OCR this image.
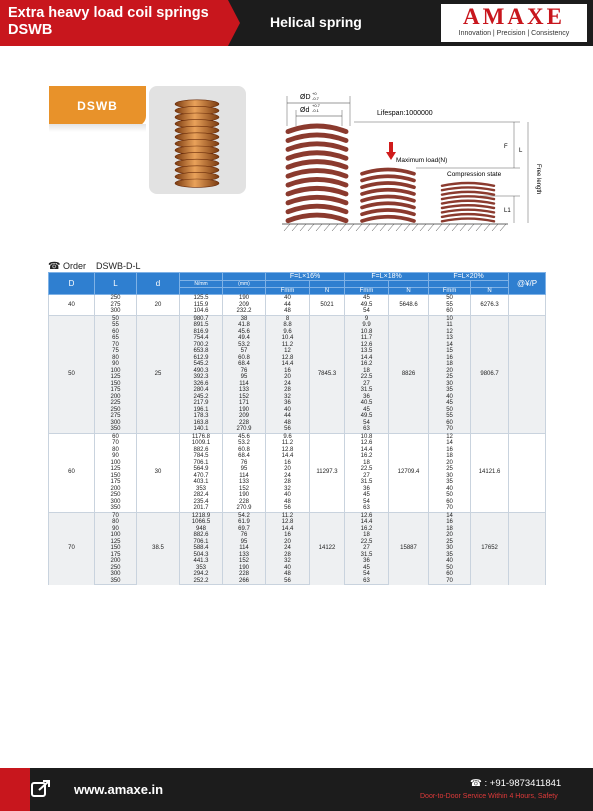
Extra heavy load coil springs
DSWB	Helical spring	AMAXE
Innovation | Precision | Consistency
DSWB
ØD
+0
-0.7
Ød
+0.7
-0.1	Lifespan:1000000
Maximum load(N)
Compression state
F
L
L1
Free length
☎ Order DSWB-D-L
D	L	d			F=L×16%		F=L×18%		F=L×20%		@¥/P
			N/mm	(mm)							
					Fmm	N	Fmm	N	Fmm	N	
40	250	20	125.5	190	40	5021	45	5648.6	50	6276.3	
	275		115.9	209	44		49.5		55		
	300		104.6	232.2	48		54		60		
50	50	25	980.7	38	8	7845.3	9	8826	10	9806.7	
	55		891.5	41.8	8.8		9.9		11		
	60		816.9	45.6	9.6		10.8		12		
	65		754.4	49.4	10.4		11.7		13		
	70		700.2	53.2	11.2		12.6		14		
	75		653.8	57	12		13.5		15		
	80		612.9	60.8	12.8		14.4		16		
	90		545.2	68.4	14.4		16.2		18		
	100		490.3	76	16		18		20		
	125		392.3	95	20		22.5		25		
	150		326.6	114	24		27		30		
	175		280.4	133	28		31.5		35		
	200		245.2	152	32		36		40		
	225		217.9	171	36		40.5		45		
	250		196.1	190	40		45		50		
	275		178.3	209	44		49.5		55		
	300		163.8	228	48		54		60		
	350		140.1	270.9	56		63		70		
60	60	30	1176.8	45.6	9.6	11297.3	10.8	12709.4	12	14121.6	
	70		1009.1	53.2	11.2		12.6		14		
	80		882.6	60.8	12.8		14.4		16		
	90		784.5	68.4	14.4		16.2		18		
	100		706.1	76	16		18		20		
	125		564.9	95	20		22.5		25		
	150		470.7	114	24		27		30		
	175		403.1	133	28		31.5		35		
	200		353	152	32		36		40		
	250		282.4	190	40		45		50		
	300		235.4	228	48		54		60		
	350		201.7	270.9	56		63		70		
70	70	38.5	1218.9	54.2	11.2	14122	12.6	15887	14	17652	
	80		1066.5	61.9	12.8		14.4		16		
	90		948	69.7	14.4		16.2		18		
	100		882.6	76	16		18		20		
	125		706.1	95	20		22.5		25		
	150		588.4	114	24		27		30		
	175		504.3	133	28		31.5		35		
	200		441.3	152	32		36		40		
	250		353	190	40		45		50		
	300		294.2	228	48		54		60		
	350		252.2	266	56		63		70		
www.amaxe.in	☎ : +91-9873411841
Door-to-Door Service Within 4 Hours, Safety
